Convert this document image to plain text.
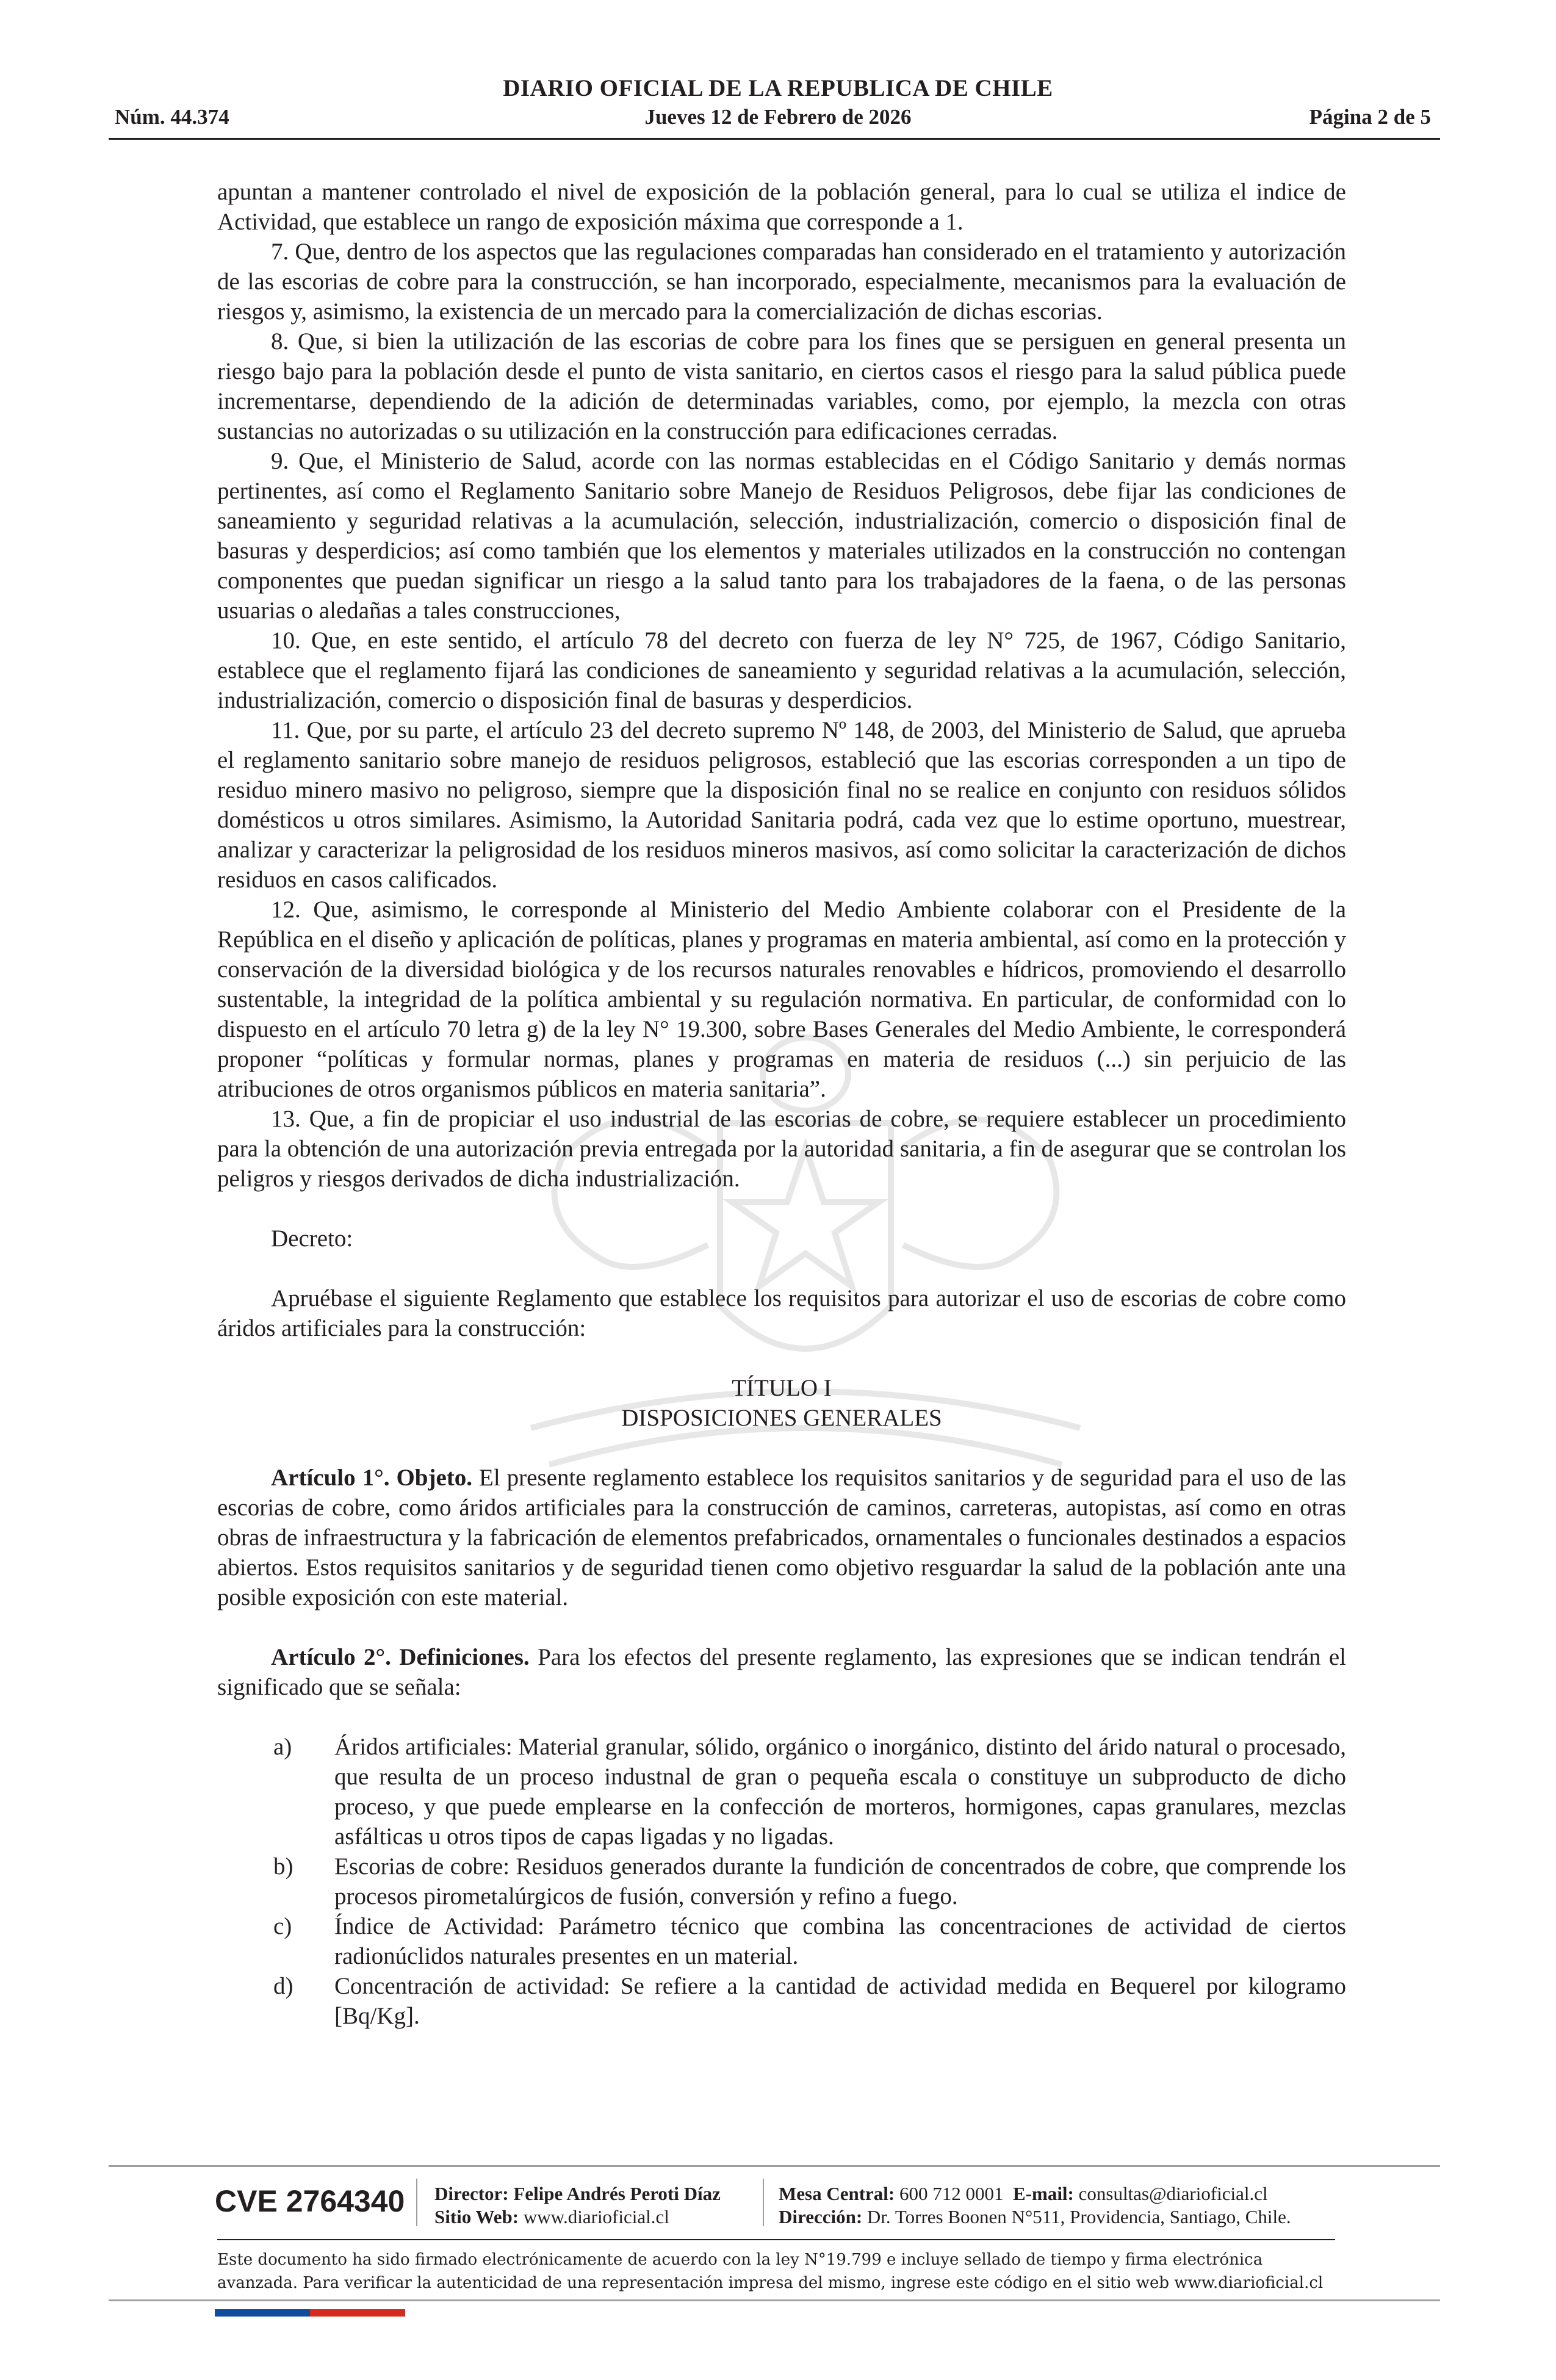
DIARIO OFICIAL DE LA REPUBLICA DE CHILE
Núm. 44.374	Jueves 12 de Febrero de 2026	Página 2 de 5

apuntan a mantener controlado el nivel de exposición de la población general, para lo cual se utiliza el indice de Actividad, que establece un rango de exposición máxima que corresponde a 1.

7. Que, dentro de los aspectos que las regulaciones comparadas han considerado en el tratamiento y autorización de las escorias de cobre para la construcción, se han incorporado, especialmente, mecanismos para la evaluación de riesgos y, asimismo, la existencia de un mercado para la comercialización de dichas escorias.

8. Que, si bien la utilización de las escorias de cobre para los fines que se persiguen en general presenta un riesgo bajo para la población desde el punto de vista sanitario, en ciertos casos el riesgo para la salud pública puede incrementarse, dependiendo de la adición de determinadas variables, como, por ejemplo, la mezcla con otras sustancias no autorizadas o su utilización en la construcción para edificaciones cerradas.

9. Que, el Ministerio de Salud, acorde con las normas establecidas en el Código Sanitario y demás normas pertinentes, así como el Reglamento Sanitario sobre Manejo de Residuos Peligrosos, debe fijar las condiciones de saneamiento y seguridad relativas a la acumulación, selección, industrialización, comercio o disposición final de basuras y desperdicios; así como también que los elementos y materiales utilizados en la construcción no contengan componentes que puedan significar un riesgo a la salud tanto para los trabajadores de la faena, o de las personas usuarias o aledañas a tales construcciones,

10. Que, en este sentido, el artículo 78 del decreto con fuerza de ley N° 725, de 1967, Código Sanitario, establece que el reglamento fijará las condiciones de saneamiento y seguridad relativas a la acumulación, selección, industrialización, comercio o disposición final de basuras y desperdicios.

11. Que, por su parte, el artículo 23 del decreto supremo Nº 148, de 2003, del Ministerio de Salud, que aprueba el reglamento sanitario sobre manejo de residuos peligrosos, estableció que las escorias corresponden a un tipo de residuo minero masivo no peligroso, siempre que la disposición final no se realice en conjunto con residuos sólidos domésticos u otros similares. Asimismo, la Autoridad Sanitaria podrá, cada vez que lo estime oportuno, muestrear, analizar y caracterizar la peligrosidad de los residuos mineros masivos, así como solicitar la caracterización de dichos residuos en casos calificados.

12. Que, asimismo, le corresponde al Ministerio del Medio Ambiente colaborar con el Presidente de la República en el diseño y aplicación de políticas, planes y programas en materia ambiental, así como en la protección y conservación de la diversidad biológica y de los recursos naturales renovables e hídricos, promoviendo el desarrollo sustentable, la integridad de la política ambiental y su regulación normativa. En particular, de conformidad con lo dispuesto en el artículo 70 letra g) de la ley N° 19.300, sobre Bases Generales del Medio Ambiente, le corresponderá proponer “políticas y formular normas, planes y programas en materia de residuos (...) sin perjuicio de las atribuciones de otros organismos públicos en materia sanitaria”.

13. Que, a fin de propiciar el uso industrial de las escorias de cobre, se requiere establecer un procedimiento para la obtención de una autorización previa entregada por la autoridad sanitaria, a fin de asegurar que se controlan los peligros y riesgos derivados de dicha industrialización.

Decreto:

Apruébase el siguiente Reglamento que establece los requisitos para autorizar el uso de escorias de cobre como áridos artificiales para la construcción:

TÍTULO I

DISPOSICIONES GENERALES

Artículo 1°. Objeto. El presente reglamento establece los requisitos sanitarios y de seguridad para el uso de las escorias de cobre, como áridos artificiales para la construcción de caminos, carreteras, autopistas, así como en otras obras de infraestructura y la fabricación de elementos prefabricados, ornamentales o funcionales destinados a espacios abiertos. Estos requisitos sanitarios y de seguridad tienen como objetivo resguardar la salud de la población ante una posible exposición con este material.

Artículo 2°. Definiciones. Para los efectos del presente reglamento, las expresiones que se indican tendrán el significado que se señala:

a)	Áridos artificiales: Material granular, sólido, orgánico o inorgánico, distinto del árido natural o procesado, que resulta de un proceso industnal de gran o pequeña escala o constituye un subproducto de dicho proceso, y que puede emplearse en la confección de morteros, hormigones, capas granulares, mezclas asfálticas u otros tipos de capas ligadas y no ligadas.
b)	Escorias de cobre: Residuos generados durante la fundición de concentrados de cobre, que comprende los procesos pirometalúrgicos de fusión, conversión y refino a fuego.
c)	Índice de Actividad: Parámetro técnico que combina las concentraciones de actividad de ciertos radionúclidos naturales presentes en un material.
d)	Concentración de actividad: Se refiere a la cantidad de actividad medida en Bequerel por kilogramo [Bq/Kg].
CVE 2764340 Director: Felipe Andrés Peroti Díaz
Sitio Web: www.diarioficial.cl
Mesa Central: 600 712 0001 E-mail: consultas@diarioficial.cl
Dirección: Dr. Torres Boonen N°511, Providencia, Santiago, Chile.
Este documento ha sido firmado electrónicamente de acuerdo con la ley N°19.799 e incluye sellado de tiempo y firma electrónica
avanzada. Para verificar la autenticidad de una representación impresa del mismo, ingrese este código en el sitio web www.diarioficial.cl
